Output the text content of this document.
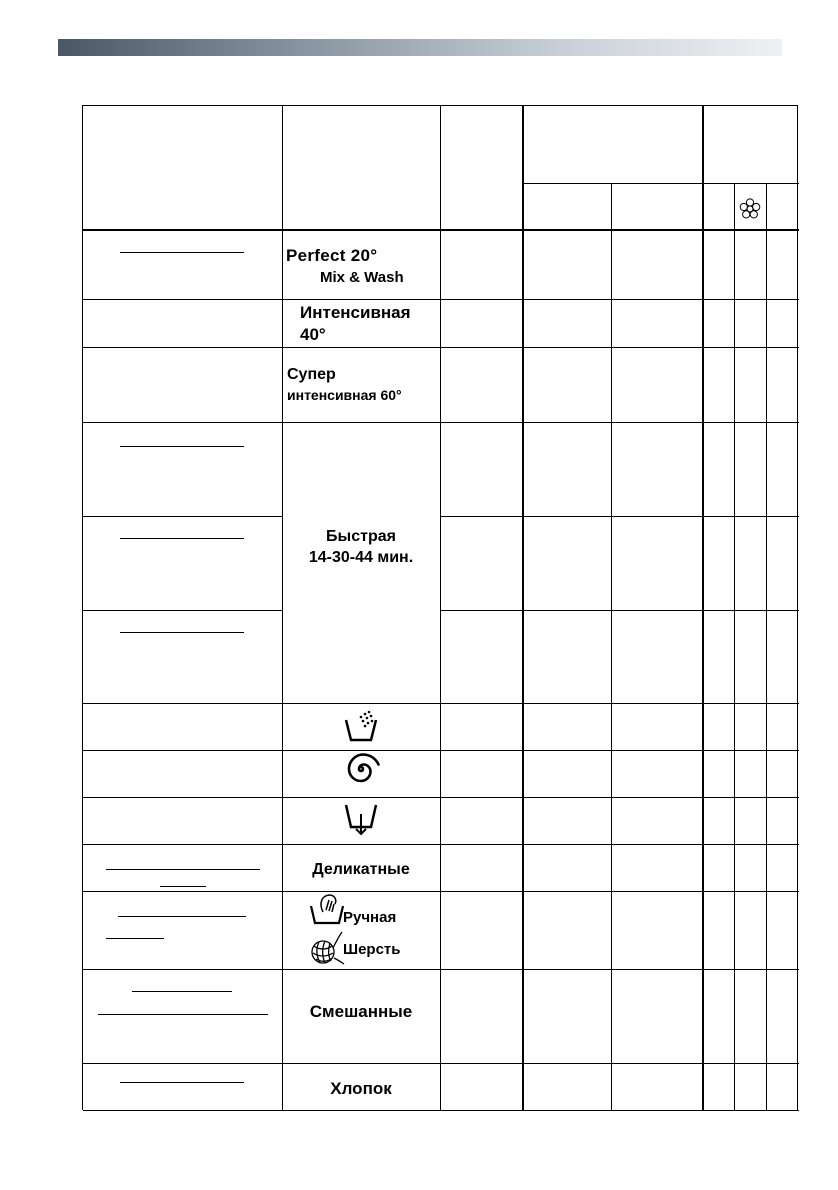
Perfect 20°
Mix & Wash
Интенсивная
40°
Супер
интенсивная 60°
Быстрая
14-30-44 мин.
Деликатные
Ручная
Шерсть
Смешанные
Хлопок
